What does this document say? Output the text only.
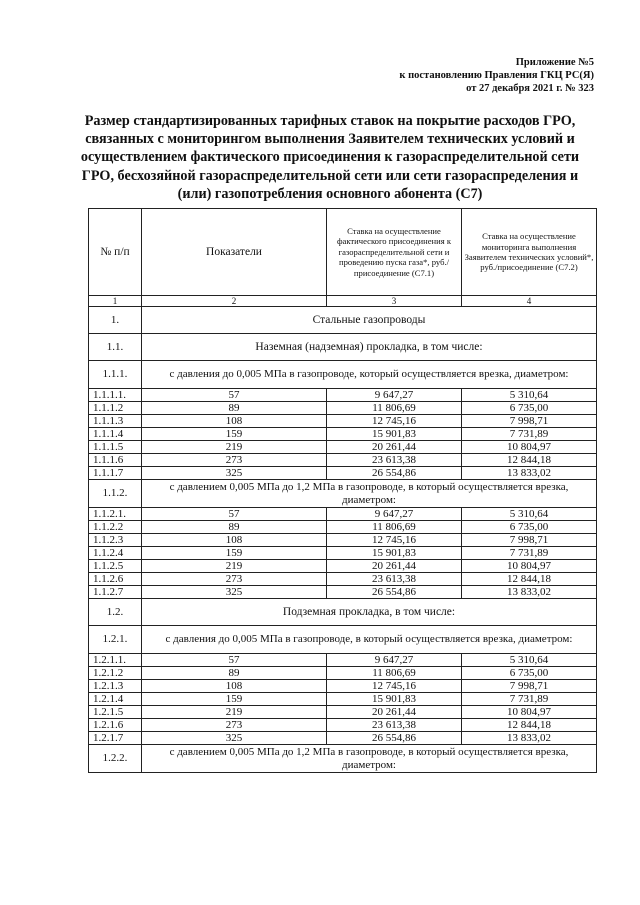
Приложение №5
к постановлению Правления ГКЦ РС(Я)
от 27 декабря 2021 г. № 323
Размер стандартизированных тарифных ставок на покрытие расходов ГРО, связанных с мониторингом выполнения Заявителем технических условий и осуществлением фактического присоединения к газораспределительной сети ГРО, бесхозяйной газораспределительной сети или сети газораспределения и (или) газопотребления основного абонента (С7)
№ п/п	Показатели	Ставка на осуществление фактического присоединения к газораспределительной сети и проведению пуска газа*, руб./присоединение (С7.1)	Ставка на осуществление мониторинга выполнения Заявителем технических условий*, руб./присоединение (С7.2)
1	2	3	4
1.	Стальные газопроводы		
1.1.	Наземная (надземная) прокладка, в том числе:		
1.1.1.	с давления до 0,005 МПа в газопроводе, который осуществляется врезка, диаметром:		
1.1.1.1.	57	9 647,27	5 310,64
1.1.1.2	89	11 806,69	6 735,00
1.1.1.3	108	12 745,16	7 998,71
1.1.1.4	159	15 901,83	7 731,89
1.1.1.5	219	20 261,44	10 804,97
1.1.1.6	273	23 613,38	12 844,18
1.1.1.7	325	26 554,86	13 833,02
1.1.2.	с давлением 0,005 МПа до 1,2 МПа в газопроводе, в который осуществляется врезка, диаметром:		
1.1.2.1.	57	9 647,27	5 310,64
1.1.2.2	89	11 806,69	6 735,00
1.1.2.3	108	12 745,16	7 998,71
1.1.2.4	159	15 901,83	7 731,89
1.1.2.5	219	20 261,44	10 804,97
1.1.2.6	273	23 613,38	12 844,18
1.1.2.7	325	26 554,86	13 833,02
1.2.	Подземная прокладка, в том числе:		
1.2.1.	с давления до 0,005 МПа в газопроводе, в который осуществляется врезка, диаметром:		
1.2.1.1.	57	9 647,27	5 310,64
1.2.1.2	89	11 806,69	6 735,00
1.2.1.3	108	12 745,16	7 998,71
1.2.1.4	159	15 901,83	7 731,89
1.2.1.5	219	20 261,44	10 804,97
1.2.1.6	273	23 613,38	12 844,18
1.2.1.7	325	26 554,86	13 833,02
1.2.2.	с давлением 0,005 МПа до 1,2 МПа в газопроводе, в который осуществляется врезка, диаметром:		
